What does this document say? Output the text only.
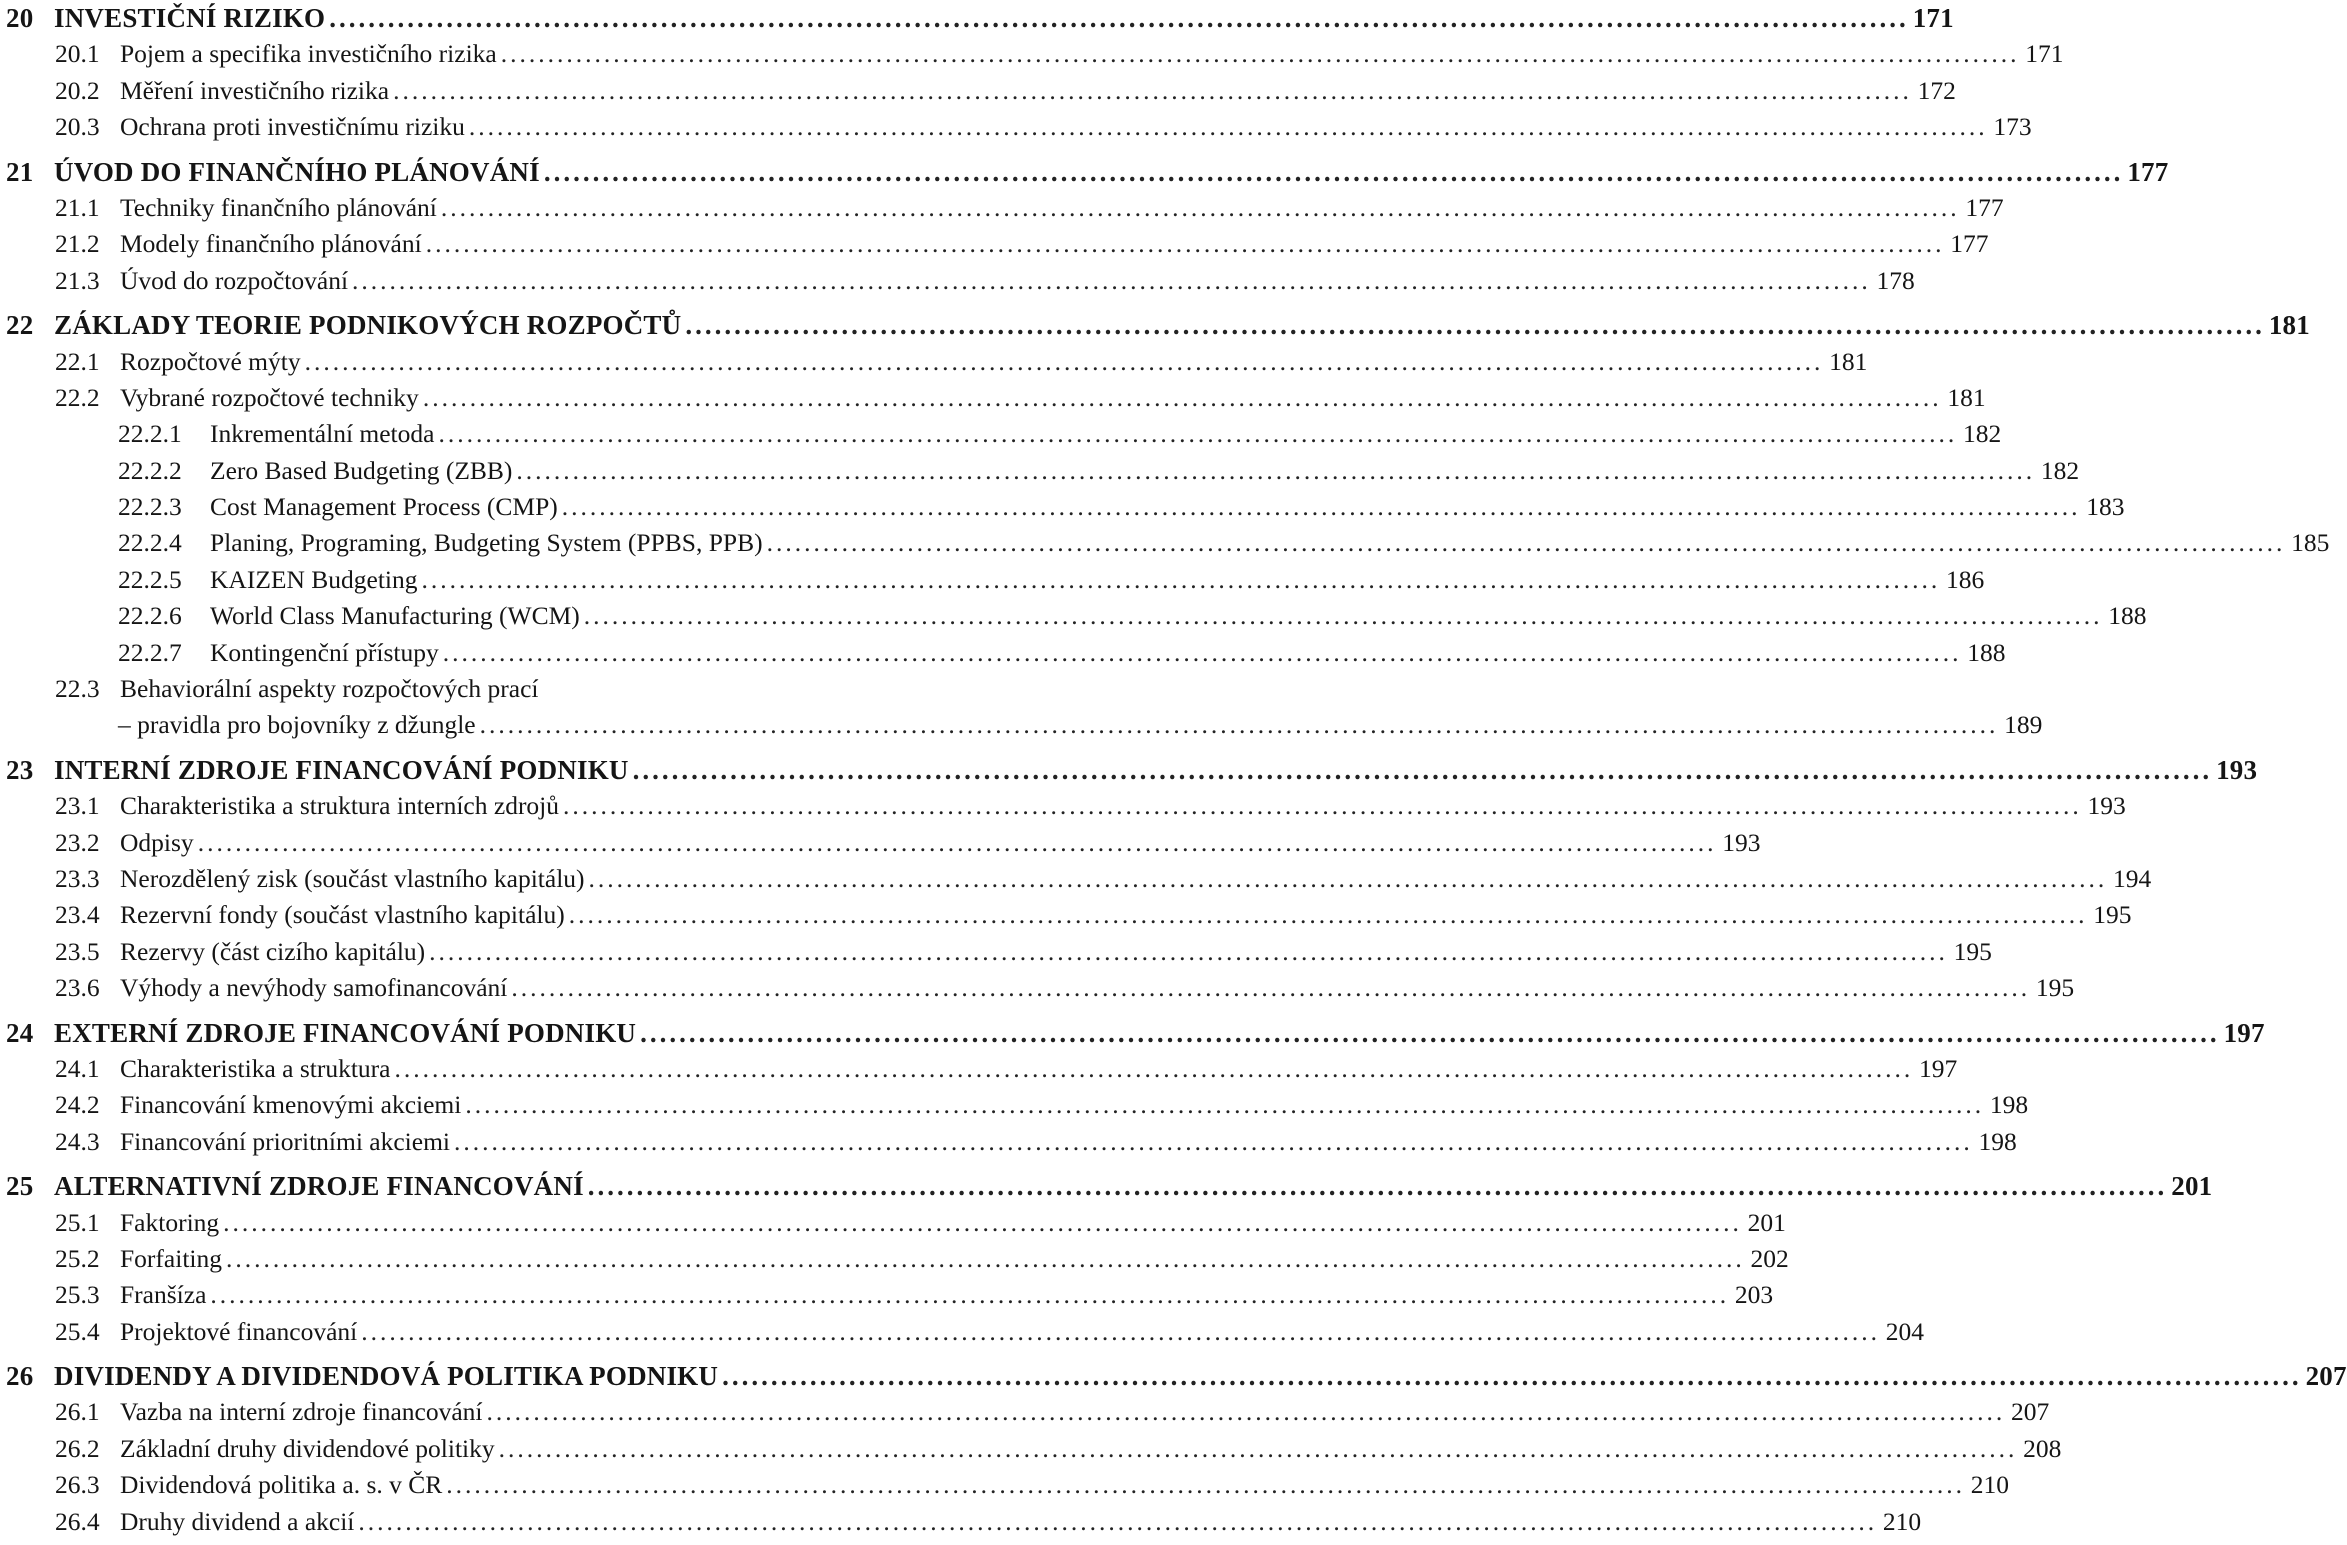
20 INVESTIČNÍ RIZIKO .....	171
20.1 Pojem a specifika investičního rizika .....	171
20.2 Měření investičního rizika .....	172
20.3 Ochrana proti investičnímu riziku .....	173
21 ÚVOD DO FINANČNÍHO PLÁNOVÁNÍ .....	177
21.1 Techniky finančního plánování .....	177
21.2 Modely finančního plánování .....	177
21.3 Úvod do rozpočtování .....	178
22 ZÁKLADY TEORIE PODNIKOVÝCH ROZPOČTŮ .....	181
22.1 Rozpočtové mýty .....	181
22.2 Vybrané rozpočtové techniky .....	181
22.2.1	Inkrementální metoda .....	182
22.2.2	Zero Based Budgeting (ZBB) .....	182
22.2.3	Cost Management Process (CMP) .....	183
22.2.4	Planing, Programing, Budgeting System (PPBS, PPB) .....	185
22.2.5	KAIZEN Budgeting .....	186
22.2.6	World Class Manufacturing (WCM) .....	188
22.2.7	Kontingenční přístupy .....	188
22.3 Behaviorální aspekty rozpočtových prací
– pravidla pro bojovníky z džungle .....	189
23 INTERNÍ ZDROJE FINANCOVÁNÍ PODNIKU .....	193
23.1 Charakteristika a struktura interních zdrojů .....	193
23.2 Odpisy .....	193
23.3 Nerozdělený zisk (součást vlastního kapitálu) .....	194
23.4 Rezervní fondy (součást vlastního kapitálu) .....	195
23.5 Rezervy (část cizího kapitálu) .....	195
23.6 Výhody a nevýhody samofinancování .....	195
24 EXTERNÍ ZDROJE FINANCOVÁNÍ PODNIKU .....	197
24.1 Charakteristika a struktura .....	197
24.2 Financování kmenovými akciemi .....	198
24.3 Financování prioritními akciemi .....	198
25 ALTERNATIVNÍ ZDROJE FINANCOVÁNÍ .....	201
25.1 Faktoring .....	201
25.2 Forfaiting .....	202
25.3 Franšíza .....	203
25.4 Projektové financování .....	204
26 DIVIDENDY A DIVIDENDOVÁ POLITIKA PODNIKU .....	207
26.1 Vazba na interní zdroje financování .....	207
26.2 Základní druhy dividendové politiky .....	208
26.3 Dividendová politika a. s. v ČR .....	210
26.4 Druhy dividend a akcií .....	210
